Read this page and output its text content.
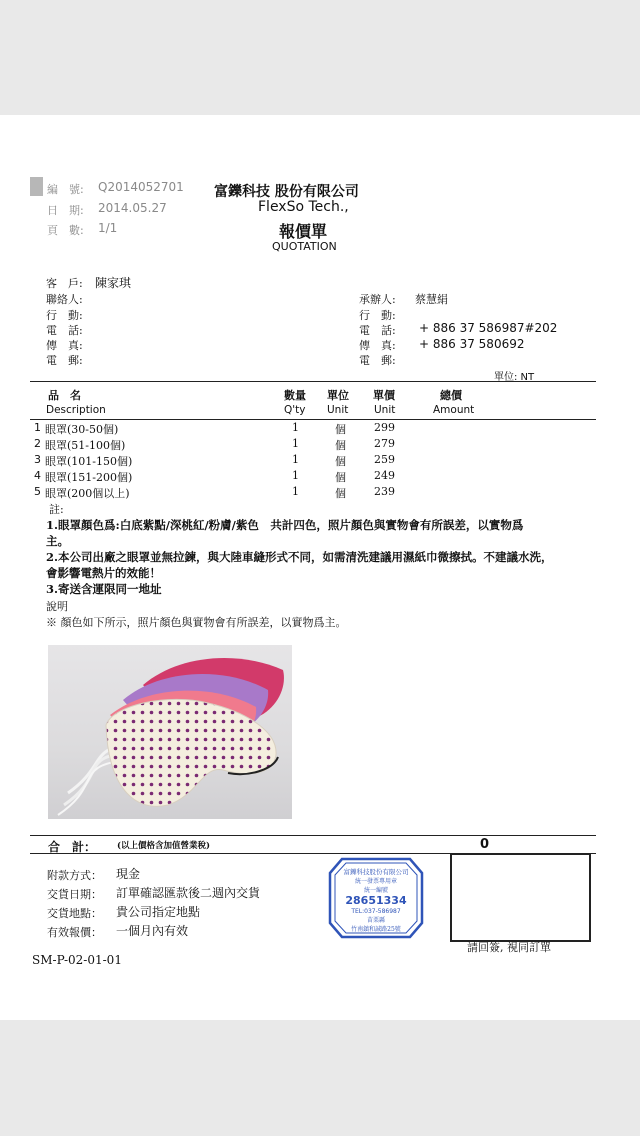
編　號: Q2014052701
日　期: 2014.05.27
頁　數: 1/1
富鑠科技 股份有限公司
FlexSo Tech.,
報價單
QUOTATION
客　戶: 陳家琪
聯絡人:
行　動:
電　話:
傳　真:
電　郵:
承辦人: 蔡慧絹
行　動:
電　話: + 886 37 586987#202
傳　真: + 886 37 580692
電　郵:
單位: NT
品　名	數量 單位 單價	總價
Description	Q'ty Unit Unit	Amount
1 眼罩(30-50個)	1	個	299
2 眼罩(51-100個)	1	個	279
3 眼罩(101-150個)	1	個	259
4 眼罩(151-200個)	1	個	249
5 眼罩(200個以上)	1	個	239
註:
1.眼罩顏色爲:白底紫點/深桃紅/粉膚/紫色　共計四色，照片顏色與實物會有所誤差，以實物爲
主。
2.本公司出廠之眼罩並無拉鍊，與大陸車縫形式不同，如需清洗建議用濕紙巾微擦拭。不建議水洗，
會影響電熱片的效能！
3.寄送含運限同一地址
說明
※ 顏色如下所示，照片顏色與實物會有所誤差，以實物爲主。
合　計： (以上價格含加值營業稅)	0
附款方式： 現金
交貨日期： 訂單確認匯款後二週內交貨
交貨地點： 貴公司指定地點
有效報價： 一個月內有效
富鑠科技股份有限公司
統一發票專用章
統一編號
28651334
TEL:037-586987
苗栗縣
竹南鎮和誠路25號
請回簽, 視同訂單
SM-P-02-01-01
